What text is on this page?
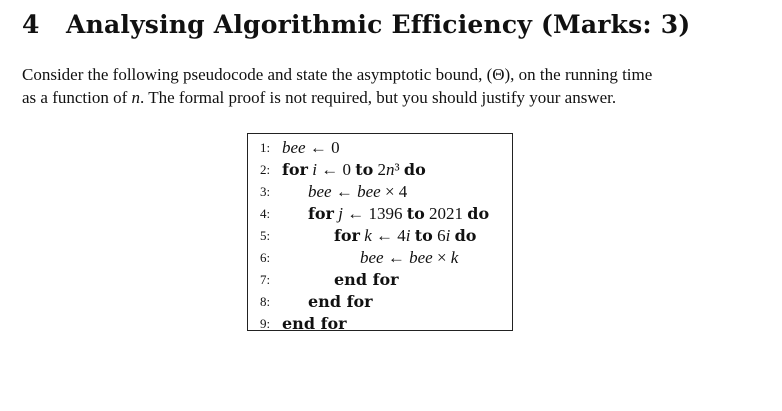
4 Analysing Algorithmic Efficiency (Marks: 3)
Consider the following pseudocode and state the asymptotic bound, (Θ), on the running time
as a function of n. The formal proof is not required, but you should justify your answer.
1: bee ← 0
2: for i ← 0 to 2n³ do
3:	bee ← bee × 4
4:	for j ← 1396 to 2021 do
5:	for k ← 4i to 6i do
6:	bee ← bee × k
7:	end for
8:	end for
9: end for
